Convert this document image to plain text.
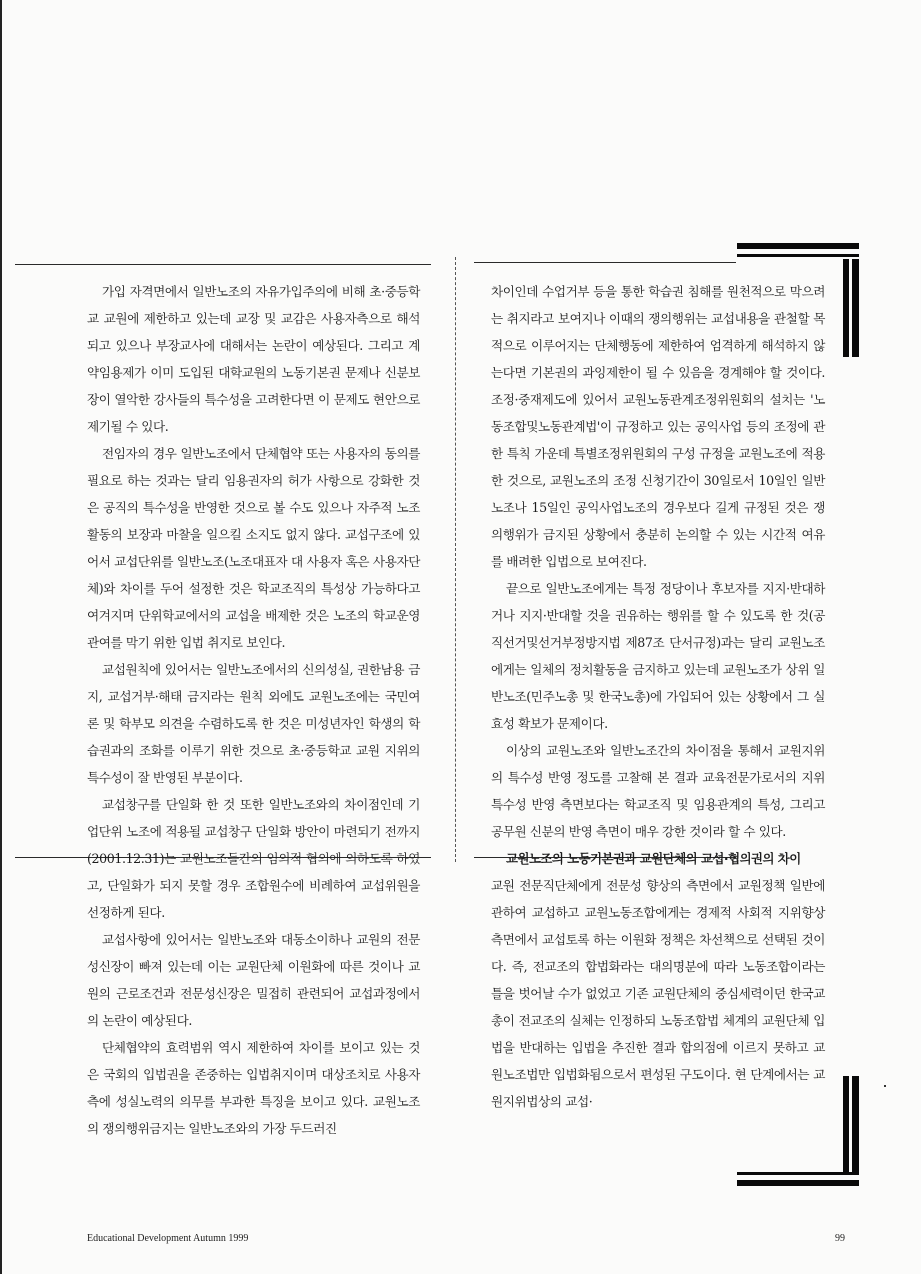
가입 자격면에서 일반노조의 자유가입주의에 비해 초·중등학교 교원에 제한하고 있는데 교장 및 교감은 사용자측으로 해석되고 있으나 부장교사에 대해서는 논란이 예상된다. 그리고 계약임용제가 이미 도입된 대학교원의 노동기본권 문제나 신분보장이 열악한 강사들의 특수성을 고려한다면 이 문제도 현안으로 제기될 수 있다.

전임자의 경우 일반노조에서 단체협약 또는 사용자의 동의를 필요로 하는 것과는 달리 임용권자의 허가 사항으로 강화한 것은 공직의 특수성을 반영한 것으로 볼 수도 있으나 자주적 노조활동의 보장과 마찰을 일으킬 소지도 없지 않다. 교섭구조에 있어서 교섭단위를 일반노조(노조대표자 대 사용자 혹은 사용자단체)와 차이를 두어 설정한 것은 학교조직의 특성상 가능하다고 여겨지며 단위학교에서의 교섭을 배제한 것은 노조의 학교운영 관여를 막기 위한 입법 취지로 보인다.

교섭원칙에 있어서는 일반노조에서의 신의성실, 권한남용 금지, 교섭거부·해태 금지라는 원칙 외에도 교원노조에는 국민여론 및 학부모 의견을 수렴하도록 한 것은 미성년자인 학생의 학습권과의 조화를 이루기 위한 것으로 초·중등학교 교원 지위의 특수성이 잘 반영된 부분이다.

교섭창구를 단일화 한 것 또한 일반노조와의 차이점인데 기업단위 노조에 적용될 교섭창구 단일화 방안이 마련되기 전까지(2001.12.31)는 교원노조들간의 임의적 협의에 의하도록 하였고, 단일화가 되지 못할 경우 조합원수에 비례하여 교섭위원을 선정하게 된다.

교섭사항에 있어서는 일반노조와 대동소이하나 교원의 전문성신장이 빠져 있는데 이는 교원단체 이원화에 따른 것이나 교원의 근로조건과 전문성신장은 밀접히 관련되어 교섭과정에서의 논란이 예상된다.

단체협약의 효력범위 역시 제한하여 차이를 보이고 있는 것은 국회의 입법권을 존중하는 입법취지이며 대상조치로 사용자측에 성실노력의 의무를 부과한 특징을 보이고 있다. 교원노조의 쟁의행위금지는 일반노조와의 가장 두드러진

차이인데 수업거부 등을 통한 학습권 침해를 원천적으로 막으려는 취지라고 보여지나 이때의 쟁의행위는 교섭내용을 관철할 목적으로 이루어지는 단체행동에 제한하여 엄격하게 해석하지 않는다면 기본권의 과잉제한이 될 수 있음을 경계해야 할 것이다. 조정·중재제도에 있어서 교원노동관계조정위원회의 설치는 '노동조합및노동관계법'이 규정하고 있는 공익사업 등의 조정에 관한 특칙 가운데 특별조정위원회의 구성 규정을 교원노조에 적용한 것으로, 교원노조의 조정 신청기간이 30일로서 10일인 일반노조나 15일인 공익사업노조의 경우보다 길게 규정된 것은 쟁의행위가 금지된 상황에서 충분히 논의할 수 있는 시간적 여유를 배려한 입법으로 보여진다.

끝으로 일반노조에게는 특정 정당이나 후보자를 지지·반대하거나 지지·반대할 것을 권유하는 행위를 할 수 있도록 한 것(공직선거및선거부정방지법 제87조 단서규정)과는 달리 교원노조에게는 일체의 정치활동을 금지하고 있는데 교원노조가 상위 일반노조(민주노총 및 한국노총)에 가입되어 있는 상황에서 그 실효성 확보가 문제이다.

이상의 교원노조와 일반노조간의 차이점을 통해서 교원지위의 특수성 반영 정도를 고찰해 본 결과 교육전문가로서의 지위 특수성 반영 측면보다는 학교조직 및 임용관계의 특성, 그리고 공무원 신분의 반영 측면이 매우 강한 것이라 할 수 있다.

교원노조의 노동기본권과 교원단체의 교섭·협의권의 차이

교원 전문직단체에게 전문성 향상의 측면에서 교원정책 일반에 관하여 교섭하고 교원노동조합에게는 경제적 사회적 지위향상 측면에서 교섭토록 하는 이원화 정책은 차선책으로 선택된 것이다. 즉, 전교조의 합법화라는 대의명분에 따라 노동조합이라는 틀을 벗어날 수가 없었고 기존 교원단체의 중심세력이던 한국교총이 전교조의 실체는 인정하되 노동조합법 체계의 교원단체 입법을 반대하는 입법을 추진한 결과 합의점에 이르지 못하고 교원노조법만 입법화됨으로서 편성된 구도이다. 현 단계에서는 교원지위법상의 교섭·

Educational Development Autumn 1999	99
